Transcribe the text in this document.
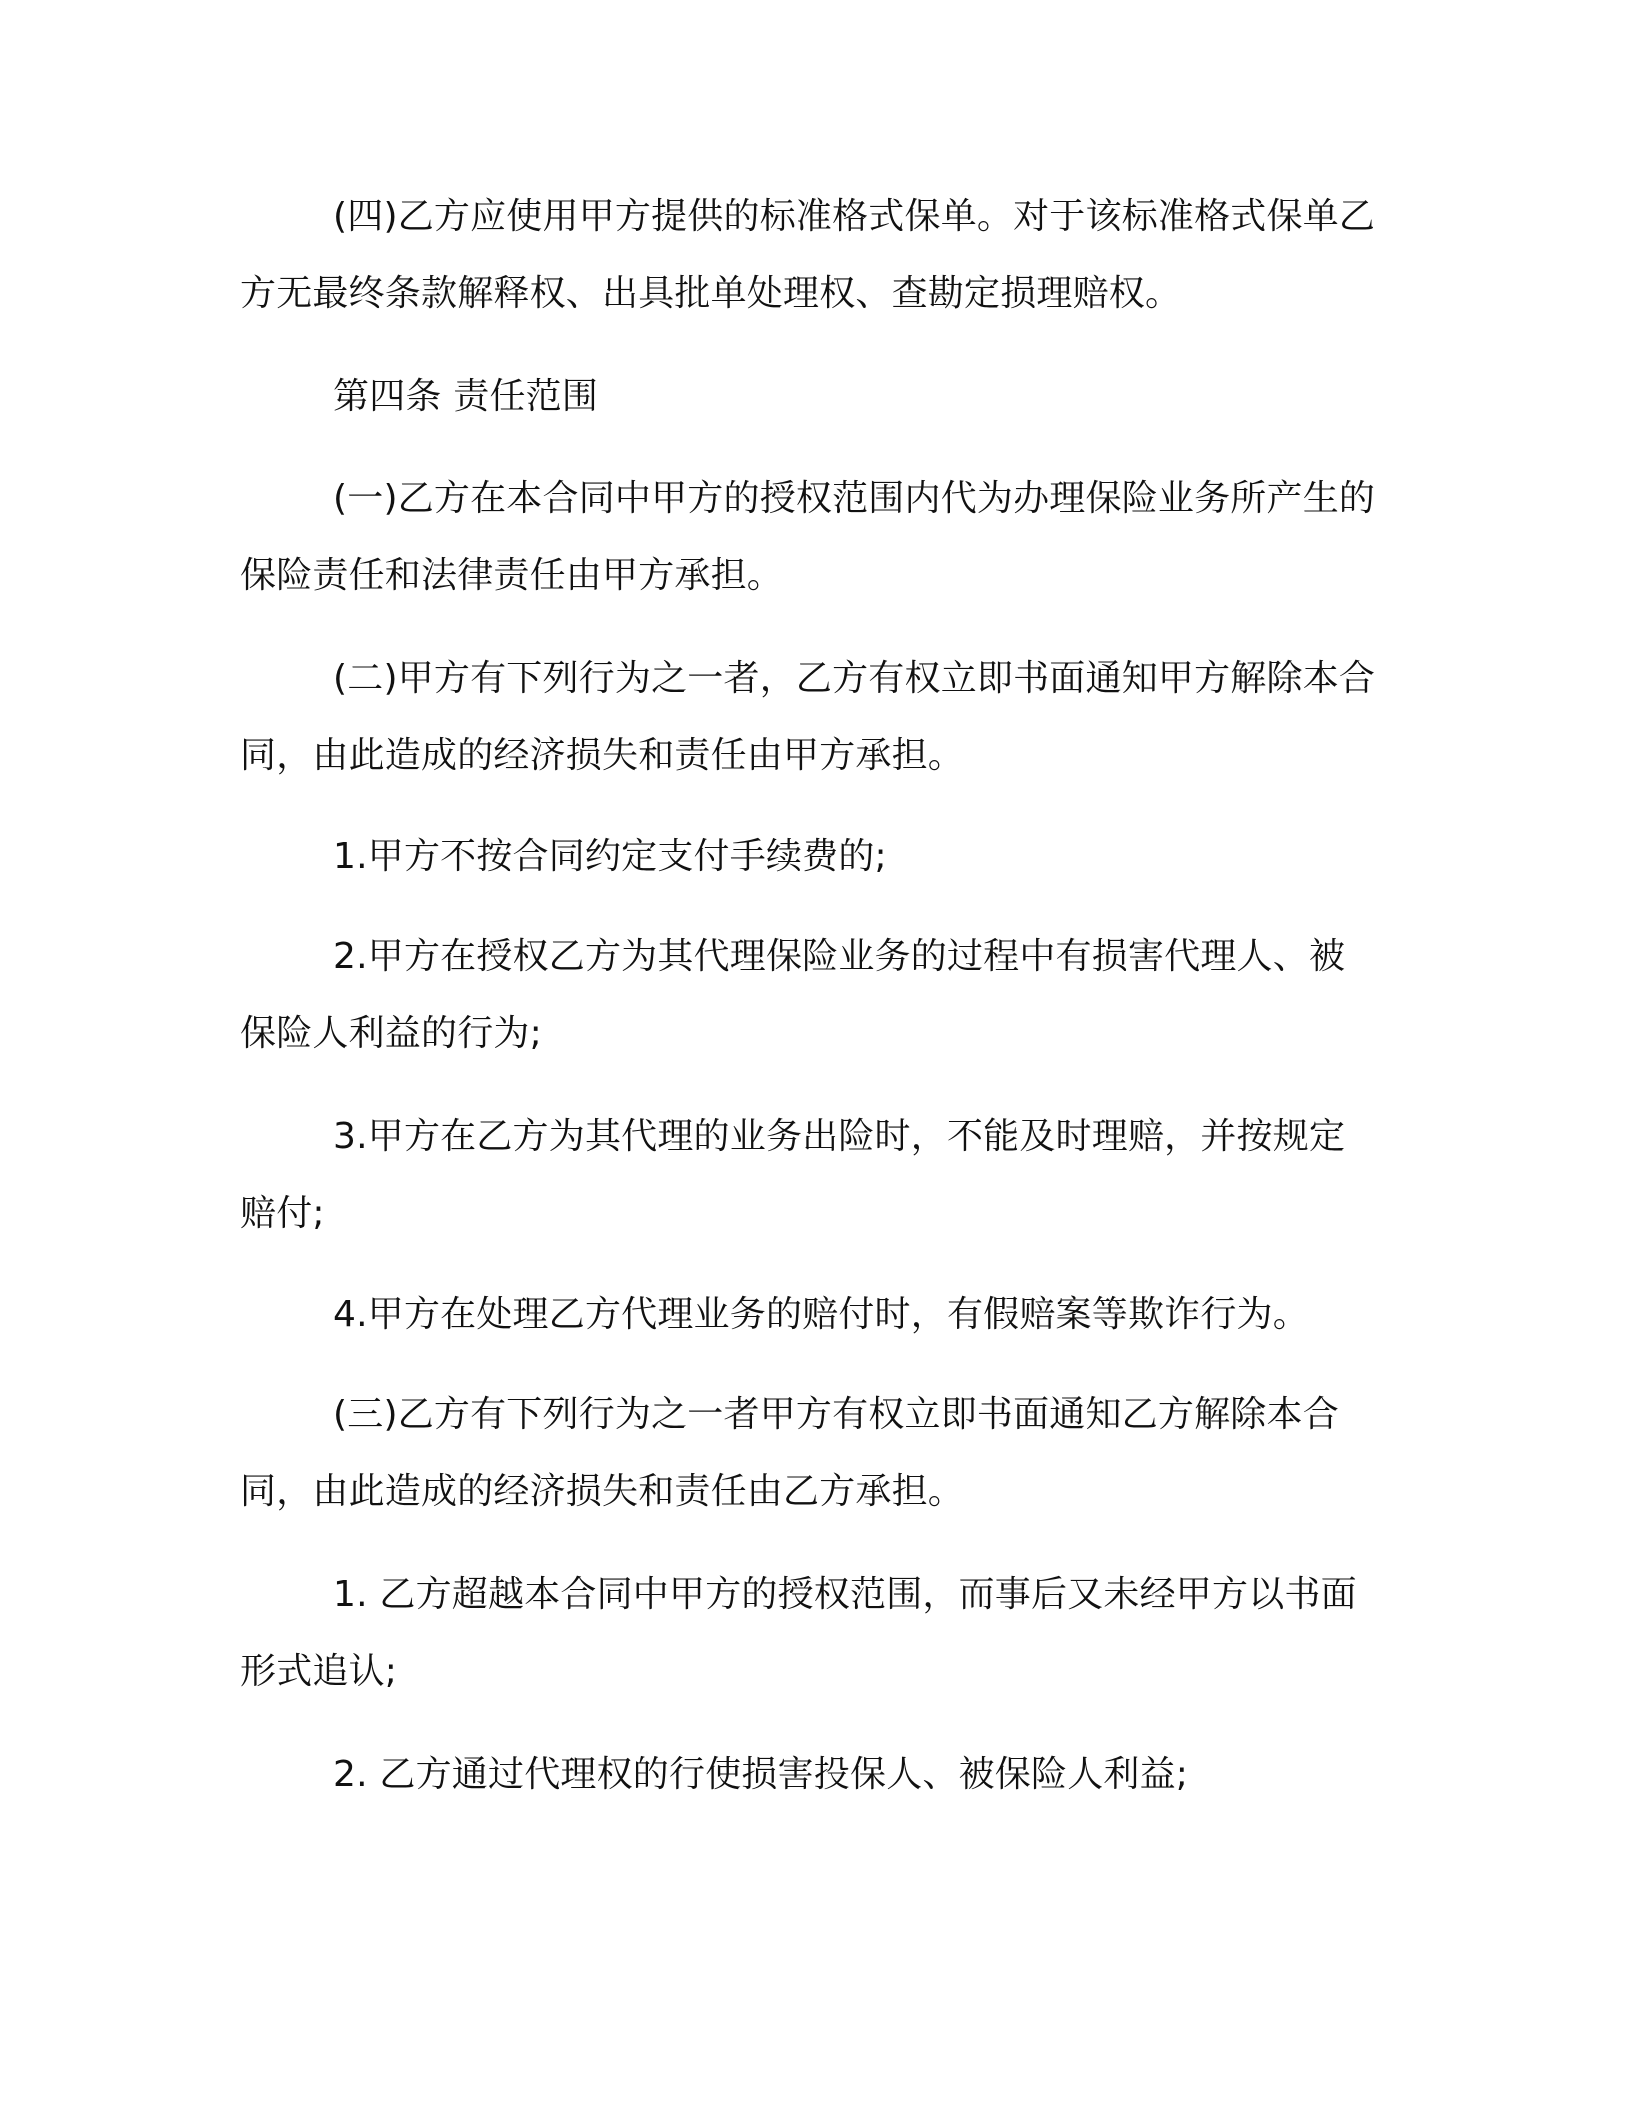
(四)乙方应使用甲方提供的标准格式保单。对于该标准格式保单乙方无最终条款解释权、出具批单处理权、查勘定损理赔权。

第四条 责任范围

(一)乙方在本合同中甲方的授权范围内代为办理保险业务所产生的保险责任和法律责任由甲方承担。

(二)甲方有下列行为之一者，乙方有权立即书面通知甲方解除本合同，由此造成的经济损失和责任由甲方承担。

1.甲方不按合同约定支付手续费的;

2.甲方在授权乙方为其代理保险业务的过程中有损害代理人、被保险人利益的行为;

3.甲方在乙方为其代理的业务出险时，不能及时理赔，并按规定赔付;

4.甲方在处理乙方代理业务的赔付时，有假赔案等欺诈行为。

(三)乙方有下列行为之一者甲方有权立即书面通知乙方解除本合同，由此造成的经济损失和责任由乙方承担。

1. 乙方超越本合同中甲方的授权范围，而事后又未经甲方以书面形式追认;

2. 乙方通过代理权的行使损害投保人、被保险人利益;
